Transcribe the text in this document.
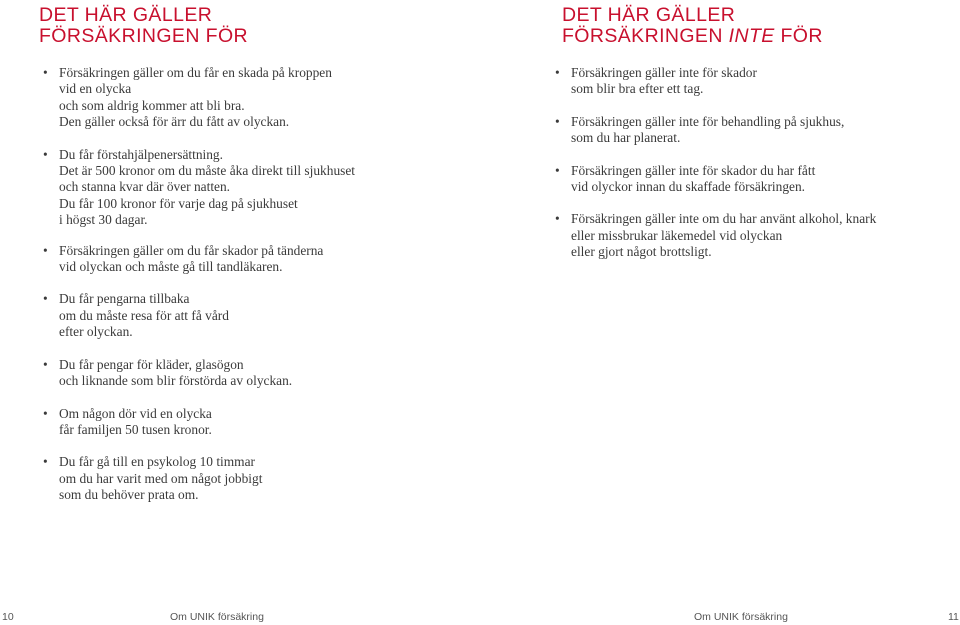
DET HÄR GÄLLER
FÖRSÄKRINGEN FÖR
• Försäkringen gäller om du får en skada på kroppen
vid en olycka
och som aldrig kommer att bli bra.
Den gäller också för ärr du fått av olyckan.
• Du får förstahjälpenersättning.
Det är 500 kronor om du måste åka direkt till sjukhuset
och stanna kvar där över natten.
Du får 100 kronor för varje dag på sjukhuset
i högst 30 dagar.
• Försäkringen gäller om du får skador på tänderna
vid olyckan och måste gå till tandläkaren.
• Du får pengarna tillbaka
om du måste resa för att få vård
efter olyckan.
• Du får pengar för kläder, glasögon
och liknande som blir förstörda av olyckan.
• Om någon dör vid en olycka
får familjen 50 tusen kronor.
• Du får gå till en psykolog 10 timmar
om du har varit med om något jobbigt
som du behöver prata om.
10	Om UNIK försäkring
DET HÄR GÄLLER
FÖRSÄKRINGEN INTE FÖR
• Försäkringen gäller inte för skador
som blir bra efter ett tag.
• Försäkringen gäller inte för behandling på sjukhus,
som du har planerat.
• Försäkringen gäller inte för skador du har fått
vid olyckor innan du skaffade försäkringen.
• Försäkringen gäller inte om du har använt alkohol, knark
eller missbrukar läkemedel vid olyckan
eller gjort något brottsligt.
Om UNIK försäkring	11
